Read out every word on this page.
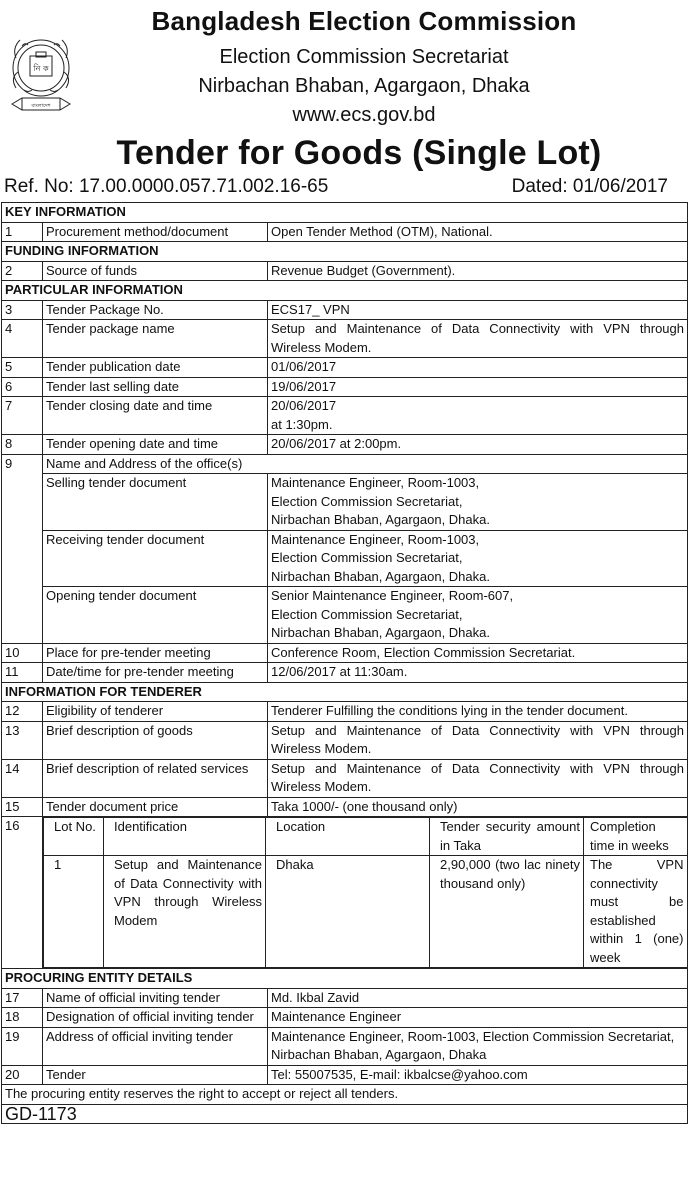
নি ক
বাংলাদেশ
Bangladesh Election Commission
Election Commission Secretariat
Nirbachan Bhaban, Agargaon, Dhaka
www.ecs.gov.bd
Tender for Goods (Single Lot)
Ref. No: 17.00.0000.057.71.002.16-65	Dated: 01/06/2017
KEY INFORMATION
1	Procurement method/document	Open Tender Method (OTM), National.
FUNDING INFORMATION
2	Source of funds	Revenue Budget (Government).
PARTICULAR INFORMATION
3	Tender Package No.	ECS17_ VPN
4	Tender package name	Setup and Maintenance of Data Connectivity with VPN through Wireless Modem.
5	Tender publication date	01/06/2017
6	Tender last selling date	19/06/2017
7	Tender closing date and time	20/06/2017
at 1:30pm.

8	Tender opening date and time	20/06/2017 at 2:00pm.
9	Name and Address of the office(s)
	Selling tender document	Maintenance Engineer, Room-1003,
Election Commission Secretariat,
Nirbachan Bhaban, Agargaon, Dhaka.

	Receiving tender document	Maintenance Engineer, Room-1003,
Election Commission Secretariat,
Nirbachan Bhaban, Agargaon, Dhaka.

	Opening tender document	Senior Maintenance Engineer, Room-607,
Election Commission Secretariat,
Nirbachan Bhaban, Agargaon, Dhaka.

10	Place for pre-tender meeting	Conference Room, Election Commission Secretariat.
11	Date/time for pre-tender meeting	12/06/2017 at 11:30am.
INFORMATION FOR TENDERER
12	Eligibility of tenderer	Tenderer Fulfilling the conditions lying in the tender document.
13	Brief description of goods	Setup and Maintenance of Data Connectivity with VPN through Wireless Modem.
14	Brief description of related services	Setup and Maintenance of Data Connectivity with VPN through Wireless Modem.
15	Tender document price	Taka 1000/- (one thousand only)
16		Lot No.	Identification	Location	Tender security amount in Taka	Completion time in weeks
1	Setup and Maintenance of Data Connectivity with VPN through Wireless Modem	Dhaka	2,90,000 (two lac ninety thousand only)	The VPN connectivity must be established within 1 (one) week

PROCURING ENTITY DETAILS
17	Name of official inviting tender	Md. Ikbal Zavid
18	Designation of official inviting tender	Maintenance Engineer
19	Address of official inviting tender	Maintenance Engineer, Room-1003, Election Commission Secretariat,
Nirbachan Bhaban, Agargaon, Dhaka

20	Tender	Tel: 55007535, E-mail: ikbalcse@yahoo.com
The procuring entity reserves the right to accept or reject all tenders.
GD-1173
